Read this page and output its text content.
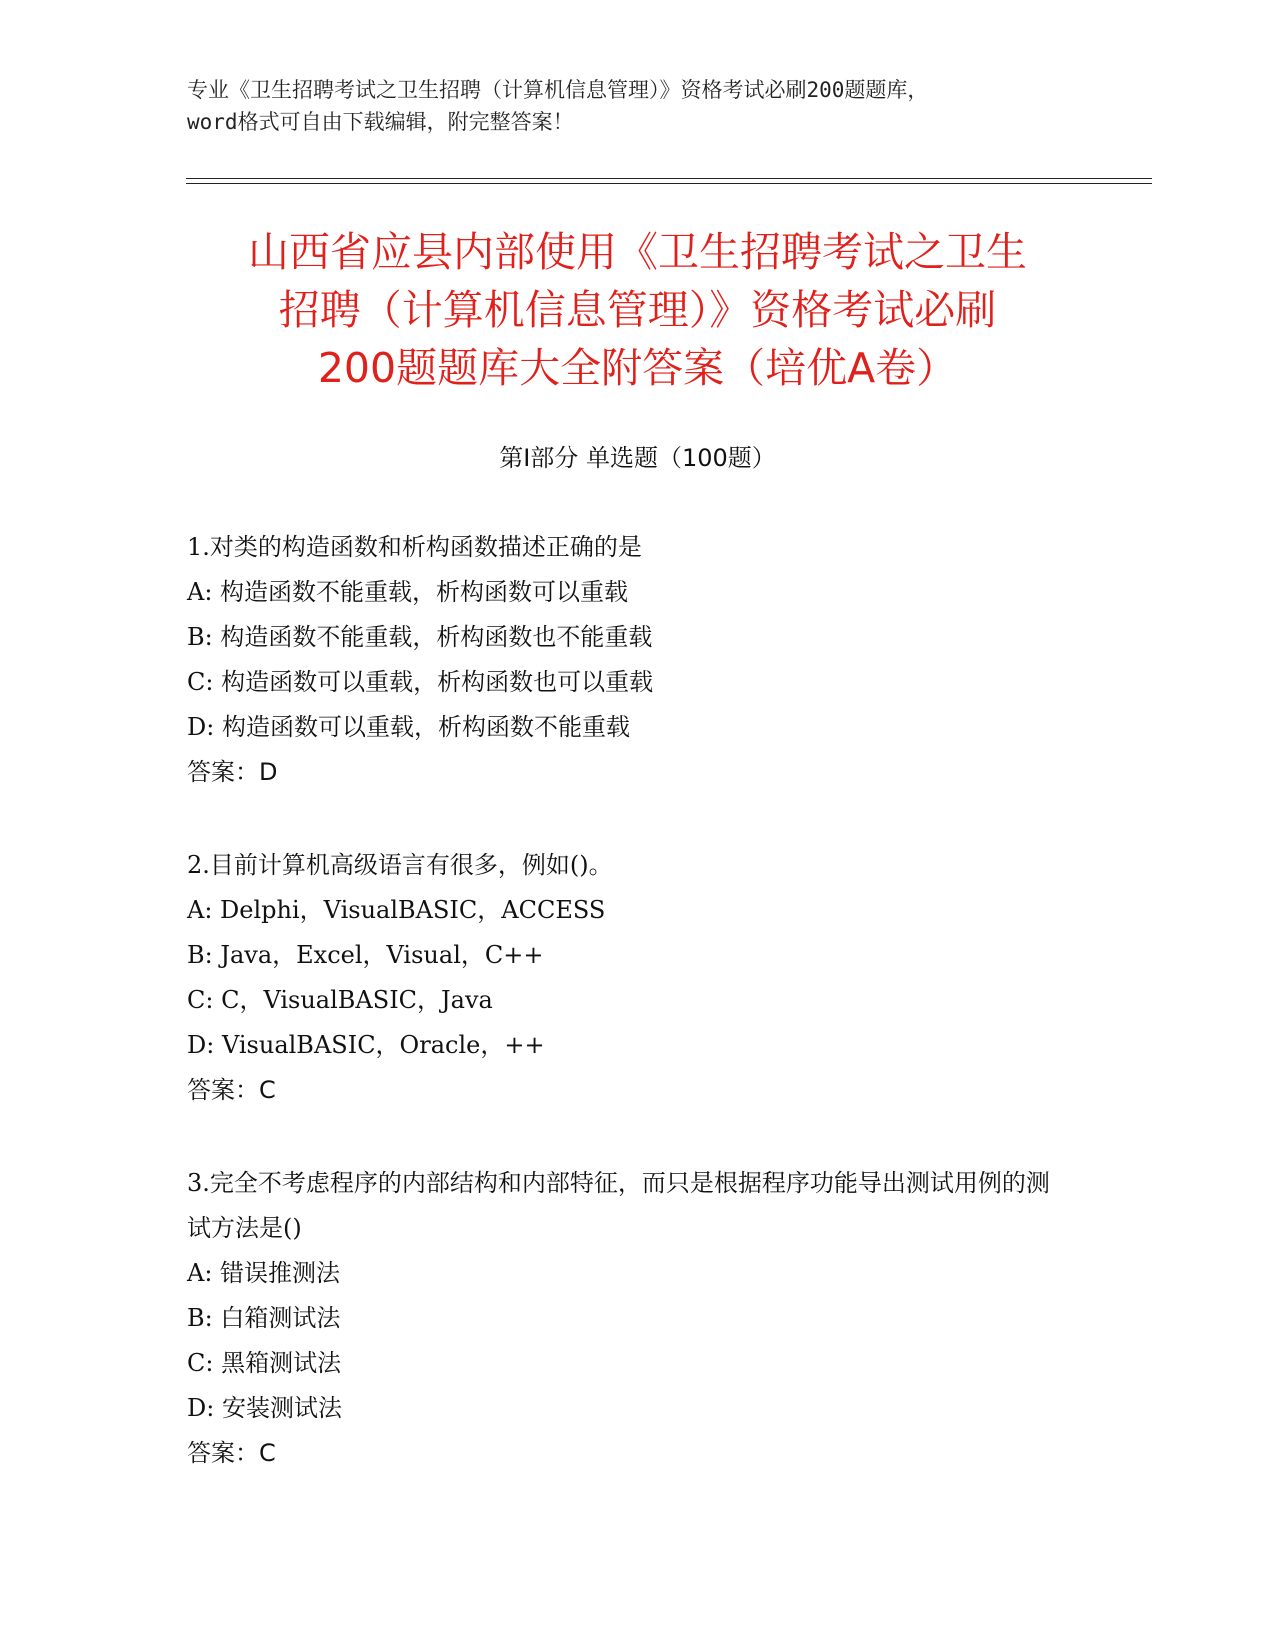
专业《卫生招聘考试之卫生招聘（计算机信息管理）》资格考试必刷200题题库，
word格式可自由下载编辑，附完整答案！
山西省应县内部使用《卫生招聘考试之卫生
招聘（计算机信息管理）》资格考试必刷
200题题库大全附答案（培优A卷）
第Ⅰ部分 单选题（100题）
1.对类的构造函数和析构函数描述正确的是
A: 构造函数不能重载，析构函数可以重载
B: 构造函数不能重载，析构函数也不能重载
C: 构造函数可以重载，析构函数也可以重载
D: 构造函数可以重载，析构函数不能重载
答案：D
2.目前计算机高级语言有很多，例如()。
A: Delphi，VisualBASIC，ACCESS
B: Java，Excel，Visual，C++
C: C，VisualBASIC，Java
D: VisualBASIC，Oracle，++
答案：C
3.完全不考虑程序的内部结构和内部特征，而只是根据程序功能导出测试用例的测试方法是()
A: 错误推测法
B: 白箱测试法
C: 黑箱测试法
D: 安装测试法
答案：C
